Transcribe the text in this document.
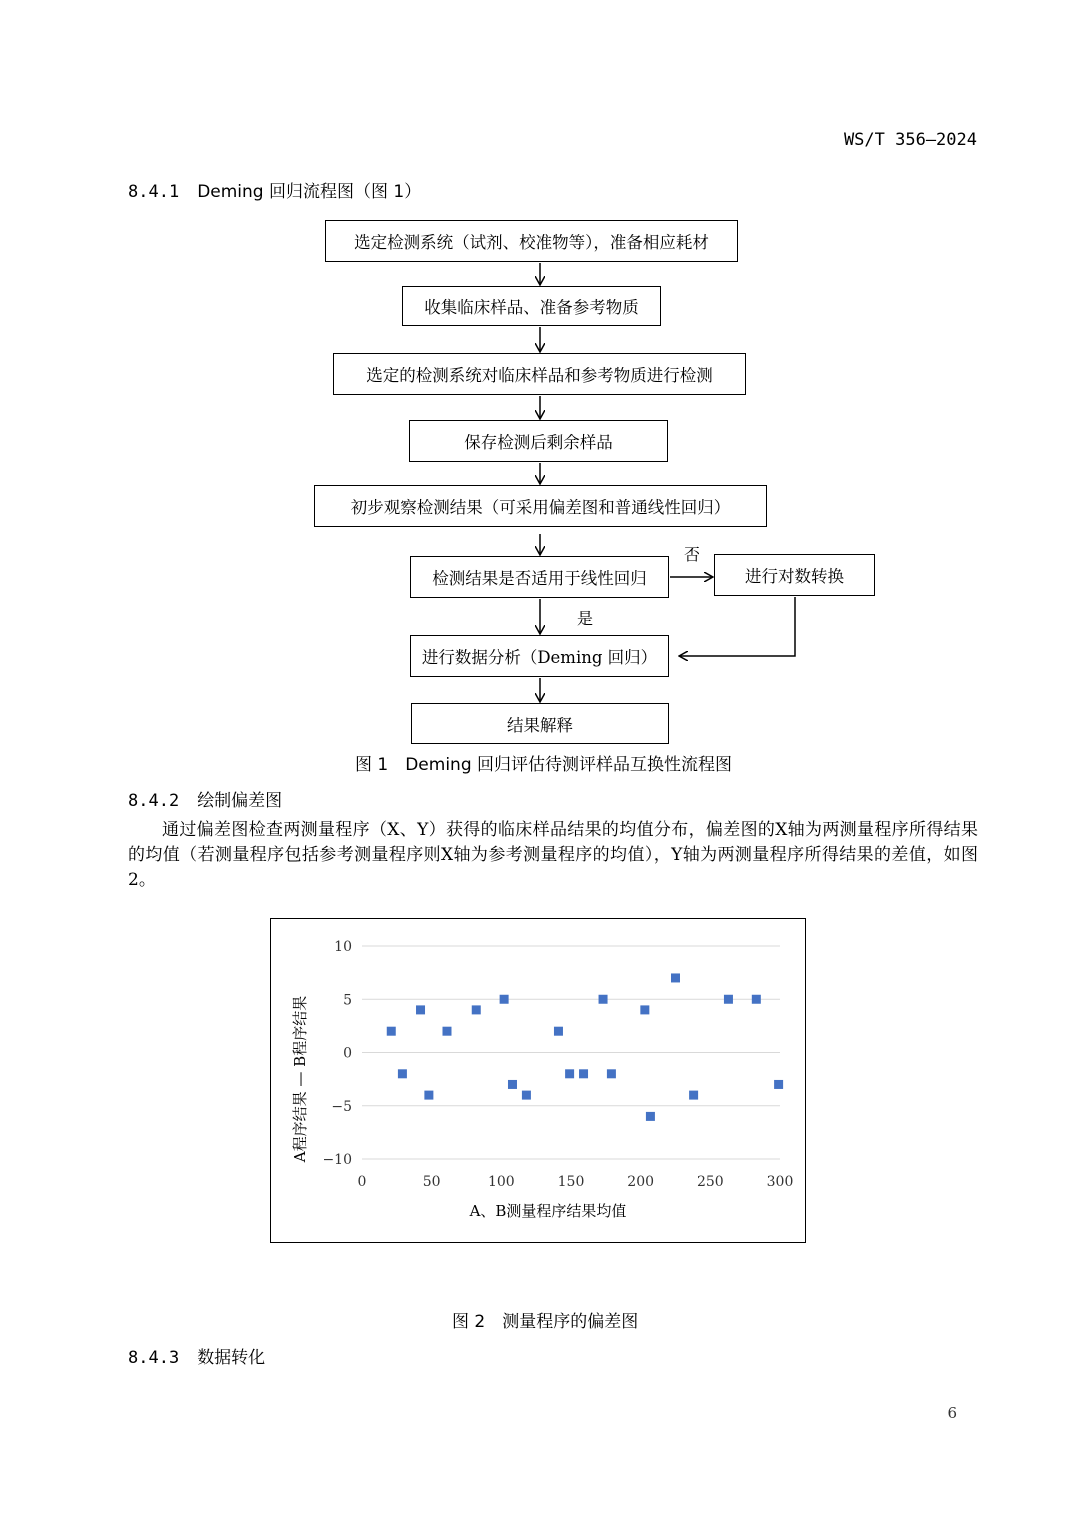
WS/T 356—2024
8.4.1 Deming 回归流程图（图 1）
选定检测系统（试剂、校准物等），准备相应耗材
收集临床样品、准备参考物质
选定的检测系统对临床样品和参考物质进行检测
保存检测后剩余样品
初步观察检测结果（可采用偏差图和普通线性回归）
检测结果是否适用于线性回归	进行对数转换
进行数据分析（Deming 回归）
结果解释
否
是
图 1　Deming 回归评估待测评样品互换性流程图
8.4.2 绘制偏差图

通过偏差图检查两测量程序（X、Y）获得的临床样品结果的均值分布，偏差图的X轴为两测量程序所得结果的均值（若测量程序包括参考测量程序则X轴为参考测量程序的均值），Y轴为两测量程序所得结果的差值，如图2。

10
5
0
−5
−10
0	50	100	150	200	250	300
A、B测量程序结果均值
A程序结果 — B程序结果
图 2　测量程序的偏差图
8.4.3 数据转化
6
